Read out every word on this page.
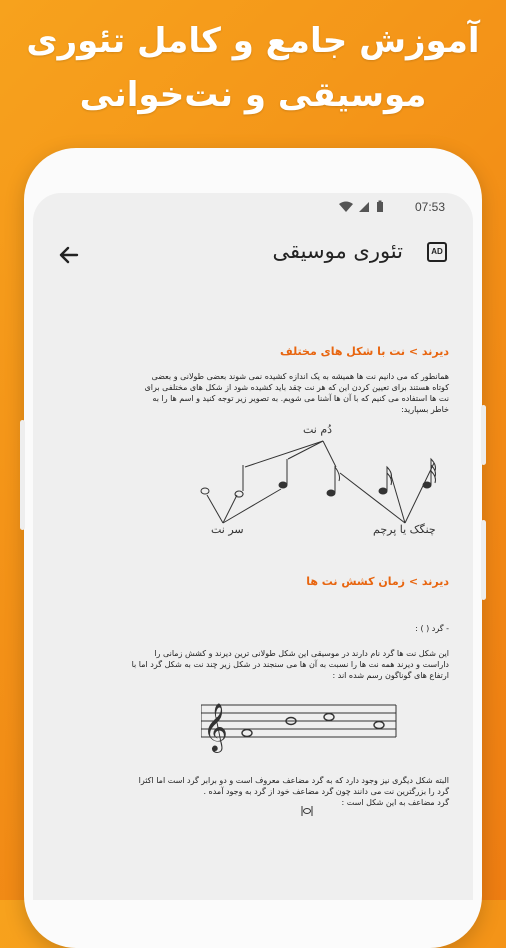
آموزش جامع و کامل تئوری
موسیقی و نت‌خوانی
07:53
تئوری موسیقی	AD
دیرند > نت با شکل های مختلف
همانطور که می دانیم نت ها همیشه به یک اندازه کشیده نمی شوند بعضی طولانی و بعضی
کوتاه هستند برای تعیین کردن این که هر نت چقد باید کشیده شود از شکل های مختلفی برای
نت ها استفاده می کنیم که با آن ها آشنا می شویم. به تصویر زیر توجه کنید و اسم ها را به
خاطر بسپارید:
دُم نت
سر نت	چنگک یا پرچم
دیرند > زمان کشش نت ها
- گرد ( ) :
این شکل نت ها گرد نام دارند در موسیقی این شکل طولانی ترین دیرند و کشش زمانی را
داراست و دیرند همه نت ها را نسبت به آن ها می سنجند در شکل زیر چند نت به شکل گرد اما با
ارتفاع های گوناگون رسم شده اند :
𝄞
البته شکل دیگری نیز وجود دارد که به گرد مضاعف معروف است و دو برابر گرد است اما اکثرا
گرد را بزرگترین نت می دانند چون گرد مضاعف خود از گرد به وجود آمده .
گرد مضاعف به این شکل است :
